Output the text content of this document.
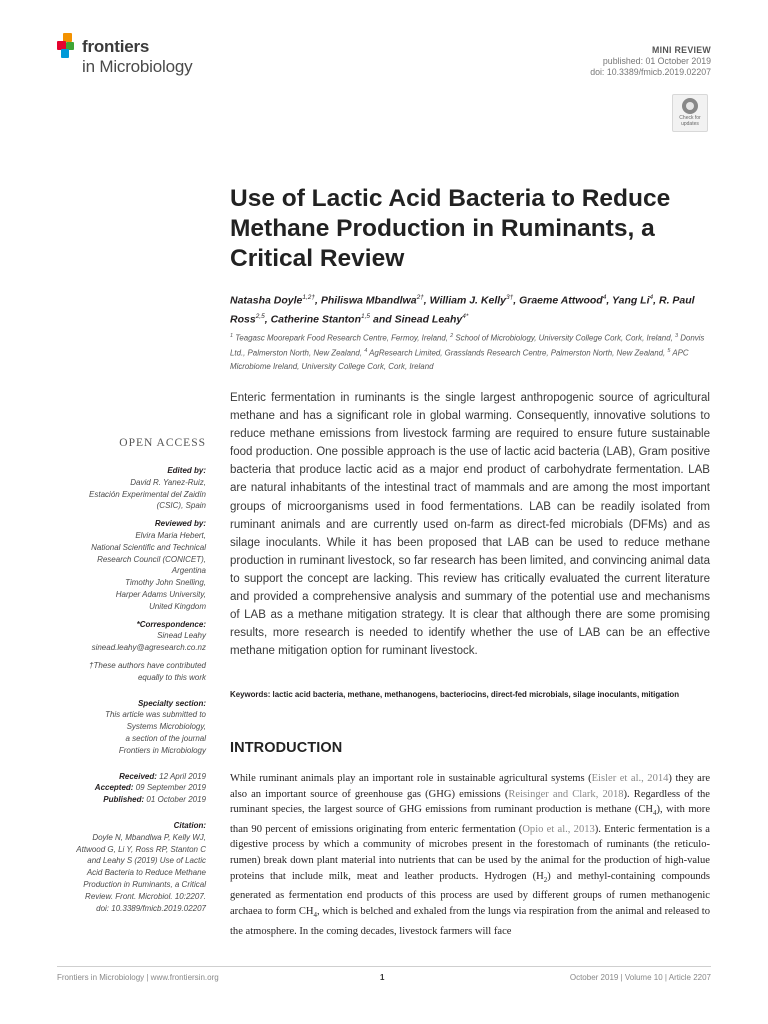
frontiers
in Microbiology
MINI REVIEW
published: 01 October 2019
doi: 10.3389/fmicb.2019.02207
Check for updates
Use of Lactic Acid Bacteria to Reduce Methane Production in Ruminants, a Critical Review

Natasha Doyle$^{1,2\dagger}$, Philiswa Mbandlwa$^{2\dagger}$, William J. Kelly$^{3\dagger}$, Graeme Attwood$^4$, Yang Li$^4$, R. Paul Ross$^{2,5}$, Catherine Stanton$^{1,5}$ and Sinead Leahy$^{4*}$

$^1$ Teagasc Moorepark Food Research Centre, Fermoy, Ireland, $^2$ School of Microbiology, University College Cork, Cork, Ireland, $^3$ Donvis Ltd., Palmerston North, New Zealand, $^4$ AgResearch Limited, Grasslands Research Centre, Palmerston North, New Zealand, $^5$ APC Microbiome Ireland, University College Cork, Cork, Ireland

Enteric fermentation in ruminants is the single largest anthropogenic source of agricultural methane and has a significant role in global warming. Consequently, innovative solutions to reduce methane emissions from livestock farming are required to ensure future sustainable food production. One possible approach is the use of lactic acid bacteria (LAB), Gram positive bacteria that produce lactic acid as a major end product of carbohydrate fermentation. LAB are natural inhabitants of the intestinal tract of mammals and are among the most important groups of microorganisms used in food fermentations. LAB can be readily isolated from ruminant animals and are currently used on-farm as direct-fed microbials (DFMs) and as silage inoculants. While it has been proposed that LAB can be used to reduce methane production in ruminant livestock, so far research has been limited, and convincing animal data to support the concept are lacking. This review has critically evaluated the current literature and provided a comprehensive analysis and summary of the potential use and mechanisms of LAB as a methane mitigation strategy. It is clear that although there are some promising results, more research is needed to identify whether the use of LAB can be an effective methane mitigation option for ruminant livestock.

Keywords: lactic acid bacteria, methane, methanogens, bacteriocins, direct-fed microbials, silage inoculants, mitigation

INTRODUCTION

While ruminant animals play an important role in sustainable agricultural systems (Eisler et al., 2014) they are also an important source of greenhouse gas (GHG) emissions (Reisinger and Clark, 2018). Regardless of the ruminant species, the largest source of GHG emissions from ruminant production is methane $(CH_4)$, with more than 90 percent of emissions originating from enteric fermentation (Opio et al., 2013). Enteric fermentation is a digestive process by which a community of microbes present in the forestomach of ruminants (the reticulo-rumen) break down plant material into nutrients that can be used by the animal for the production of high-value proteins that include milk, meat and leather products. Hydrogen $(H_2)$ and methyl-containing compounds generated as fermentation end products of this process are used by different groups of rumen methanogenic archaea to form $CH_4$, which is belched and exhaled from the lungs via respiration from the animal and released to the atmosphere. In the coming decades, livestock farmers will face

OPEN ACCESS
Edited by:
David R. Yanez-Ruiz,
Estación Experimental del Zaidín
(CSIC), Spain
Reviewed by:
Elvira Maria Hebert,
National Scientific and Technical
Research Council (CONICET),
Argentina
Timothy John Snelling,
Harper Adams University,
United Kingdom
*Correspondence:
Sinead Leahy
sinead.leahy@agresearch.co.nz
†These authors have contributed
equally to this work
Specialty section:
This article was submitted to
Systems Microbiology,
a section of the journal
Frontiers in Microbiology
Received: 12 April 2019
Accepted: 09 September 2019
Published: 01 October 2019
Citation:
Doyle N, Mbandlwa P, Kelly WJ,
Attwood G, Li Y, Ross RP, Stanton C
and Leahy S (2019) Use of Lactic
Acid Bacteria to Reduce Methane
Production in Ruminants, a Critical
Review. Front. Microbiol. 10:2207.
doi: 10.3389/fmicb.2019.02207
Frontiers in Microbiology | www.frontiersin.org	1	October 2019 | Volume 10 | Article 2207
